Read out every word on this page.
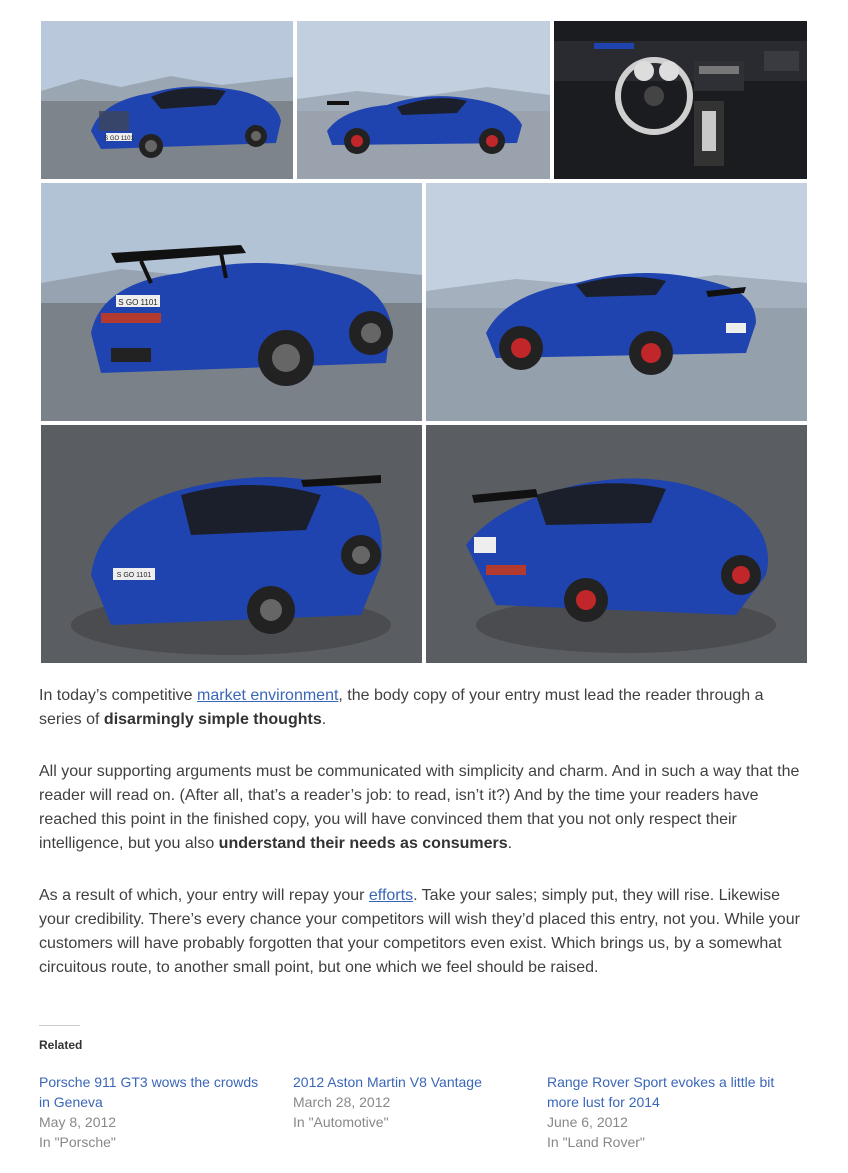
S GO 1101
S GO 1101
S GO 1101

In today’s competitive market environment, the body copy of your entry must lead the reader through a series of disarmingly simple thoughts.

All your supporting arguments must be communicated with simplicity and charm. And in such a way that the reader will read on. (After all, that’s a reader’s job: to read, isn’t it?) And by the time your readers have reached this point in the finished copy, you will have convinced them that you not only respect their intelligence, but you also understand their needs as consumers.

As a result of which, your entry will repay your efforts. Take your sales; simply put, they will rise. Likewise your credibility. There’s every chance your competitors will wish they’d placed this entry, not you. While your customers will have probably forgotten that your competitors even exist. Which brings us, by a somewhat circuitous route, to another small point, but one which we feel should be raised.

Related
Porsche 911 GT3 wows the crowds in Geneva
May 8, 2012
In "Porsche"
2012 Aston Martin V8 Vantage
March 28, 2012
In "Automotive"
Range Rover Sport evokes a little bit more lust for 2014
June 6, 2012
In "Land Rover"
